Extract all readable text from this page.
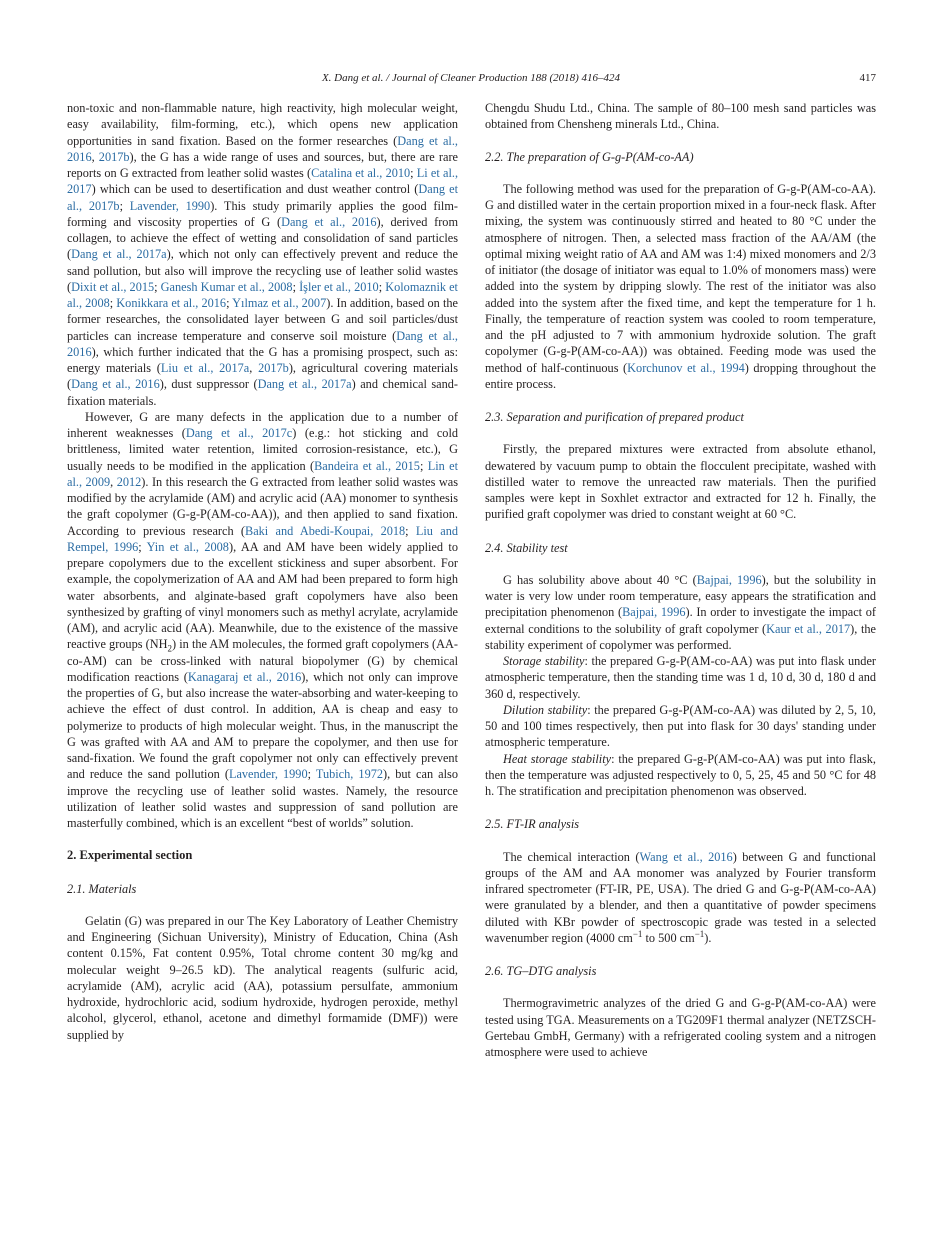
X. Dang et al. / Journal of Cleaner Production 188 (2018) 416–424	417

non-toxic and non-flammable nature, high reactivity, high molecular weight, easy availability, film-forming, etc.), which opens new application opportunities in sand fixation. Based on the former researches (Dang et al., 2016, 2017b), the G has a wide range of uses and sources, but, there are rare reports on G extracted from leather solid wastes (Catalina et al., 2010; Li et al., 2017) which can be used to desertification and dust weather control (Dang et al., 2017b; Lavender, 1990). This study primarily applies the good film-forming and viscosity properties of G (Dang et al., 2016), derived from collagen, to achieve the effect of wetting and consolidation of sand particles (Dang et al., 2017a), which not only can effectively prevent and reduce the sand pollution, but also will improve the recycling use of leather solid wastes (Dixit et al., 2015; Ganesh Kumar et al., 2008; İşler et al., 2010; Kolomaznik et al., 2008; Konikkara et al., 2016; Yılmaz et al., 2007). In addition, based on the former researches, the consolidated layer between G and soil particles/dust particles can increase temperature and conserve soil moisture (Dang et al., 2016), which further indicated that the G has a promising prospect, such as: energy materials (Liu et al., 2017a, 2017b), agricultural covering materials (Dang et al., 2016), dust suppressor (Dang et al., 2017a) and chemical sand-fixation materials.

However, G are many defects in the application due to a number of inherent weaknesses (Dang et al., 2017c) (e.g.: hot sticking and cold brittleness, limited water retention, limited corrosion-resistance, etc.), G usually needs to be modified in the application (Bandeira et al., 2015; Lin et al., 2009, 2012). In this research the G extracted from leather solid wastes was modified by the acrylamide (AM) and acrylic acid (AA) monomer to synthesis the graft copolymer (G-g-P(AM-co-AA)), and then applied to sand fixation. According to previous research (Baki and Abedi-Koupai, 2018; Liu and Rempel, 1996; Yin et al., 2008), AA and AM have been widely applied to prepare copolymers due to the excellent stickiness and super absorbent. For example, the copolymerization of AA and AM had been prepared to form high water absorbents, and alginate-based graft copolymers have also been synthesized by grafting of vinyl monomers such as methyl acrylate, acrylamide (AM), and acrylic acid (AA). Meanwhile, due to the existence of the massive reactive groups $(NH_2)$ in the AM molecules, the formed graft copolymers (AA-co-AM) can be cross-linked with natural biopolymer (G) by chemical modification reactions (Kanagaraj et al., 2016), which not only can improve the properties of G, but also increase the water-absorbing and water-keeping to achieve the effect of dust control. In addition, AA is cheap and easy to polymerize to products of high molecular weight. Thus, in the manuscript the G was grafted with AA and AM to prepare the copolymer, and then use for sand-fixation. We found the graft copolymer not only can effectively prevent and reduce the sand pollution (Lavender, 1990; Tubich, 1972), but can also improve the recycling use of leather solid wastes. Namely, the resource utilization of leather solid wastes and suppression of sand pollution are masterfully combined, which is an excellent “best of worlds” solution.

2. Experimental section
2.1. Materials

Gelatin (G) was prepared in our The Key Laboratory of Leather Chemistry and Engineering (Sichuan University), Ministry of Education, China (Ash content 0.15%, Fat content 0.95%, Total chrome content 30 mg/kg and molecular weight 9–26.5 kD). The analytical reagents (sulfuric acid, acrylamide (AM), acrylic acid (AA), potassium persulfate, ammonium hydroxide, hydrochloric acid, sodium hydroxide, hydrogen peroxide, methyl alcohol, glycerol, ethanol, acetone and dimethyl formamide (DMF)) were supplied by

Chengdu Shudu Ltd., China. The sample of 80–100 mesh sand particles was obtained from Chensheng minerals Ltd., China.

2.2. The preparation of G-g-P(AM-co-AA)

The following method was used for the preparation of G-g-P(AM-co-AA). G and distilled water in the certain proportion mixed in a four-neck flask. After mixing, the system was continuously stirred and heated to 80 °C under the atmosphere of nitrogen. Then, a selected mass fraction of the AA/AM (the optimal mixing weight ratio of AA and AM was 1:4) mixed monomers and 2/3 of initiator (the dosage of initiator was equal to 1.0% of monomers mass) were added into the system by dripping slowly. The rest of the initiator was also added into the system after the fixed time, and kept the temperature for 1 h. Finally, the temperature of reaction system was cooled to room temperature, and the pH adjusted to 7 with ammonium hydroxide solution. The graft copolymer (G-g-P(AM-co-AA)) was obtained. Feeding mode was used the method of half-continuous (Korchunov et al., 1994) dropping throughout the entire process.

2.3. Separation and purification of prepared product

Firstly, the prepared mixtures were extracted from absolute ethanol, dewatered by vacuum pump to obtain the flocculent precipitate, washed with distilled water to remove the unreacted raw materials. Then the purified samples were kept in Soxhlet extractor and extracted for 12 h. Finally, the purified graft copolymer was dried to constant weight at 60 °C.

2.4. Stability test

G has solubility above about 40 °C (Bajpai, 1996), but the solubility in water is very low under room temperature, easy appears the stratification and precipitation phenomenon (Bajpai, 1996). In order to investigate the impact of external conditions to the solubility of graft copolymer (Kaur et al., 2017), the stability experiment of copolymer was performed.

Storage stability: the prepared G-g-P(AM-co-AA) was put into flask under atmospheric temperature, then the standing time was 1 d, 10 d, 30 d, 180 d and 360 d, respectively.

Dilution stability: the prepared G-g-P(AM-co-AA) was diluted by 2, 5, 10, 50 and 100 times respectively, then put into flask for 30 days' standing under atmospheric temperature.

Heat storage stability: the prepared G-g-P(AM-co-AA) was put into flask, then the temperature was adjusted respectively to 0, 5, 25, 45 and 50 °C for 48 h. The stratification and precipitation phenomenon was observed.

2.5. FT-IR analysis

The chemical interaction (Wang et al., 2016) between G and functional groups of the AM and AA monomer was analyzed by Fourier transform infrared spectrometer (FT-IR, PE, USA). The dried G and G-g-P(AM-co-AA) were granulated by a blender, and then a quantitative of powder specimens diluted with KBr powder of spectroscopic grade was tested in a selected wavenumber region (4000 $cm^{-1}$ to 500 $cm^{-1}$).

2.6. TG–DTG analysis

Thermogravimetric analyzes of the dried G and G-g-P(AM-co-AA) were tested using TGA. Measurements on a TG209F1 thermal analyzer (NETZSCH-Gertebau GmbH, Germany) with a refrigerated cooling system and a nitrogen atmosphere were used to achieve
